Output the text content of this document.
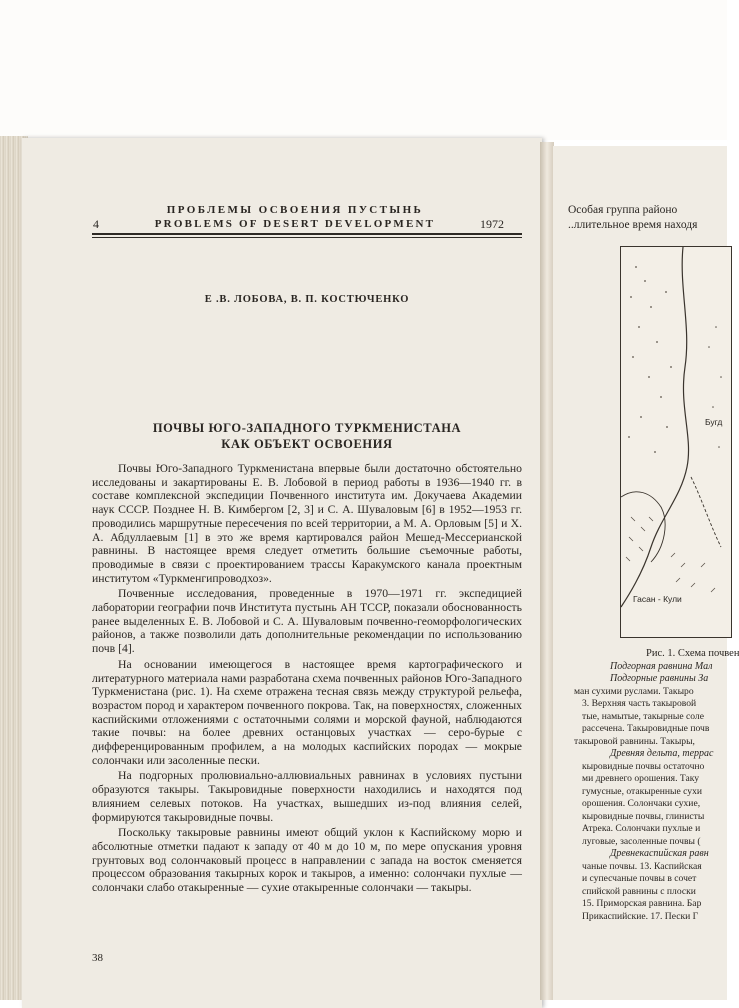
ПРОБЛЕМЫ ОСВОЕНИЯ ПУСТЫНЬ
PROBLEMS OF DESERT DEVELOPMENT
4	1972
Е .В. ЛОБОВА, В. П. КОСТЮЧЕНКО
ПОЧВЫ ЮГО-ЗАПАДНОГО ТУРКМЕНИСТАНА
КАК ОБЪЕКТ ОСВОЕНИЯ

Почвы Юго-Западного Туркменистана впервые были достаточно обстоятельно исследованы и закартированы Е. В. Лобовой в период работы в 1936—1940 гг. в составе комплексной экспедиции Почвенного института им. Докучаева Академии наук СССР. Позднее Н. В. Кимбергом [2, 3] и С. А. Шуваловым [6] в 1952—1953 гг. проводились маршрутные пересечения по всей территории, а М. А. Орловым [5] и Х. А. Абдуллаевым [1] в это же время картировался район Мешед-Мессерианской равнины. В настоящее время следует отметить большие съемочные работы, проводимые в связи с проектированием трассы Каракумского канала проектным институтом «Туркменгипроводхоз».

Почвенные исследования, проведенные в 1970—1971 гг. экспедицией лаборатории географии почв Института пустынь АН ТССР, показали обоснованность ранее выделенных Е. В. Лобовой и С. А. Шуваловым почвенно-геоморфологических районов, а также позволили дать дополнительные рекомендации по использованию почв [4].

На основании имеющегося в настоящее время картографического и литературного материала нами разработана схема почвенных районов Юго-Западного Туркменистана (рис. 1). На схеме отражена тесная связь между структурой рельефа, возрастом пород и характером почвенного покрова. Так, на поверхностях, сложенных каспийскими отложениями с остаточными солями и морской фауной, наблюдаются такие почвы: на более древних останцовых участках — серо-бурые с дифференцированным профилем, а на молодых каспийских породах — мокрые солончаки или засоленные пески.

На подгорных пролювиально-аллювиальных равнинах в условиях пустыни образуются такыры. Такыровидные поверхности находились и находятся под влиянием селевых потоков. На участках, вышедших из-под влияния селей, формируются такыровидные почвы.

Поскольку такыровые равнины имеют общий уклон к Каспийскому морю и абсолютные отметки падают к западу от 40 м до 10 м, по мере опускания уровня грунтовых вод солончаковый процесс в направлении с запада на восток сменяется процессом образования такырных корок и такыров, а именно: солончаки пухлые — солончаки слабо отакыренные — сухие отакыренные солончаки — такыры.

38
Особая группа районо
..ллительное время находя
Бугд
Гасан - Кули
Рис. 1. Схема почвен
Подгорная равнина Мал
Подгорные равнины За
ман сухими руслами. Такыро
3. Верхняя часть такыровой
тые, намытые, такырные соле
рассечена. Такыровидные почв
такыровой равнины. Такыры,
Древняя дельта, террас
кыровидные почвы остаточно
ми древнего орошения. Таку
гумусные, отакыренные сухи
орошения. Солончаки сухие,
кыровидные почвы, глинисты
Атрека. Солончаки пухлые и
луговые, засоленные почвы (
Древнекаспийская равн
чаные почвы. 13. Каспийская
и супесчаные почвы в сочет
спийской равнины с плоски
15. Приморская равнина. Бар
Прикаспийские. 17. Пески Г
